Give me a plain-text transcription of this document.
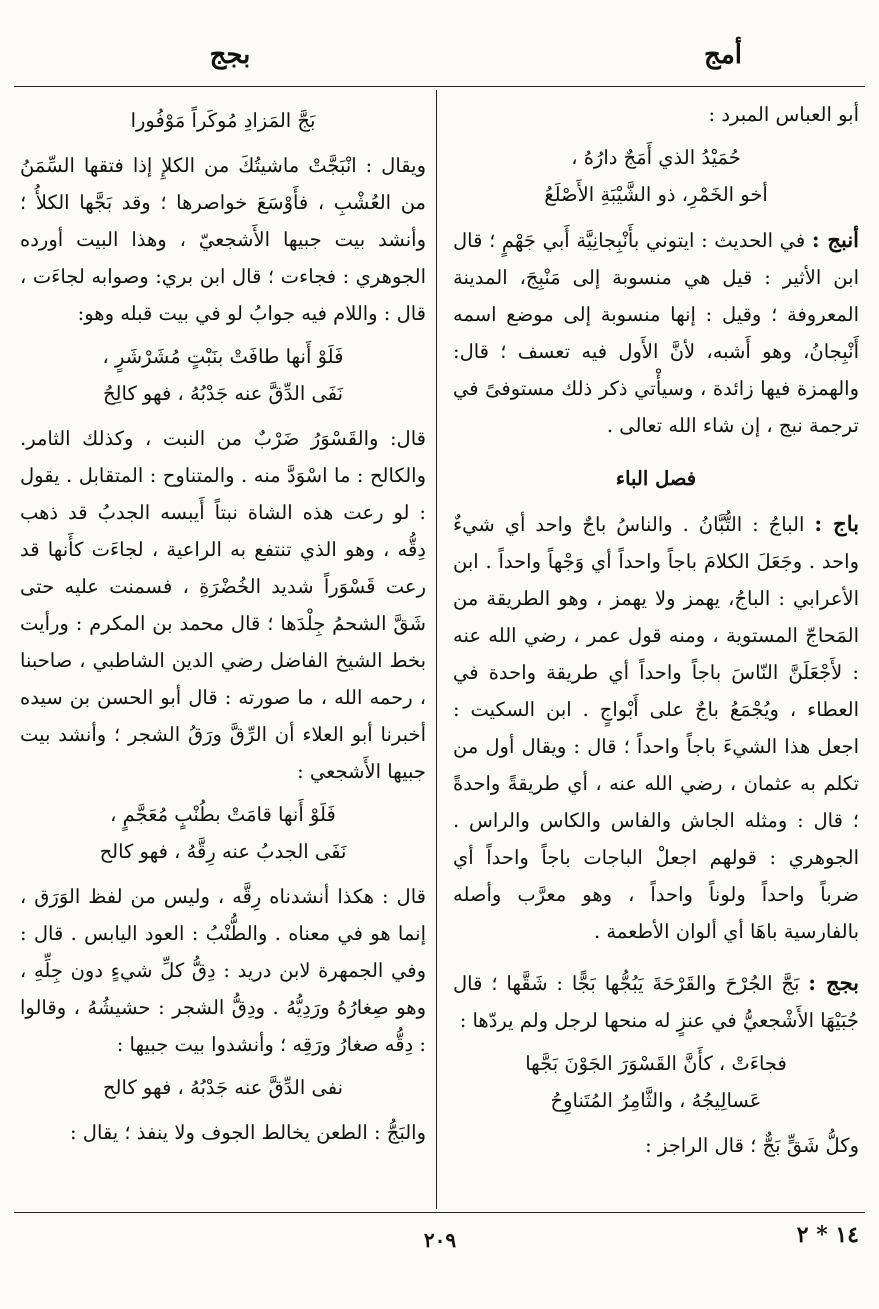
أمج
بجج

أبو العباس المبرد :

حُمَيْدُ الذي أَمَجٌ دارُهُ ،
أخو الخَمْرِ، ذو الشَّيْبَةِ الأَصْلَعُ

أنبج : في الحديث : ايتوني بأَنْبِجانِيَّة أَبي جَهْمٍ ؛ قال ابن الأثير : قيل هي منسوبة إلى مَنْبِجَ، المدينة المعروفة ؛ وقيل : إنها منسوبة إلى موضع اسمه أَنْبِجانُ، وهو أَشبه، لأنَّ الأَول فيه تعسف ؛ قال: والهمزة فيها زائدة ، وسيأْتي ذكر ذلك مستوفىً في ترجمة نبج ، إن شاء الله تعالى .

فصل الباء

باج : الباجُ : التُّبَّانُ . والناسُ باجٌ واحد أي شيءٌ واحد . وجَعَلَ الكلامَ باجاً واحداً أي وَجْهاً واحداً . ابن الأعرابي : الباجُ، يهمز ولا يهمز ، وهو الطريقة من المَحاجّ المستوية ، ومنه قول عمر ، رضي الله عنه : لأَجْعَلَنَّ النّاسَ باجاً واحداً أي طريقة واحدة في العطاء ، ويُجْمَعُ باجٌ على أَبْواجٍ . ابن السكيت : اجعل هذا الشيءَ باجاً واحداً ؛ قال : ويقال أول من تكلم به عثمان ، رضي الله عنه ، أي طريقةً واحدةً ؛ قال : ومثله الجاش والفاس والكاس والراس . الجوهري : قولهم اجعلْ الباجات باجاً واحداً أي ضرباً واحداً ولوناً واحداً ، وهو معرَّب وأصله بالفارسية باهَا أي ألوان الأطعمة .

بجج : بَجَّ الجُرْحَ والقَرْحَةَ يَبُجُّها بَجًّا : شَقَّها ؛ قال جُبَيْهَا الأَشْجعيُّ في عنزٍ له منحها لرجل ولم يردّها :

فجاءَتْ ، كأَنَّ القَسْوَرَ الجَوْنَ بَجَّها
عَسالِيجُهُ ، والثَّامِرُ المُتَناوِحُ

وكلُّ شَقٍّ بَجٌّ ؛ قال الراجز :

بَجَّ المَزادِ مُوكَراً مَوْفُورا

ويقال : انْبَجَّتْ ماشيتُكَ من الكلإِ إذا فتقها السِّمَنُ من العُشْبِ ، فأَوْسَعَ خواصرها ؛ وقد بَجَّها الكلأُ ؛ وأنشد بيت جبيها الأَشجعيّ ، وهذا البيت أورده الجوهري : فجاءت ؛ قال ابن بري: وصوابه لجاءَت ، قال : واللام فيه جوابُ لو في بيت قبله وهو:

فَلَوْ أَنها طافَتْ بنَبْتٍ مُشَرْشَرٍ ،
نَفَى الدِّقَّ عنه جَدْبُهُ ، فهو كالِحُ

قال: والقَسْوَرُ ضَرْبٌ من النبت ، وكذلك الثامر. والكالح : ما اسْوَدَّ منه . والمتناوح : المتقابل . يقول : لو رعت هذه الشاة نبتاً أَيبسه الجدبُ قد ذهب دِقُّه ، وهو الذي تنتفع به الراعية ، لجاءَت كأَنها قد رعت قَسْوَراً شديد الخُضْرَةِ ، فسمنت عليه حتى شَقَّ الشحمُ جِلْدَها ؛ قال محمد بن المكرم : ورأيت بخط الشيخ الفاضل رضي الدين الشاطبي ، صاحبنا ، رحمه الله ، ما صورته : قال أبو الحسن بن سيده أخبرنا أبو العلاء أن الرِّقَّ ورَقُ الشجر ؛ وأنشد بيت جبيها الأَشجعي :

فَلَوْ أَنها قامَتْ بطُنْبٍ مُعَجَّمٍ ،
نَفَى الجدبُ عنه رِقَّهُ ، فهو كالح

قال : هكذا أنشدناه رِقَّه ، وليس من لفظ الوَرَق ، إنما هو في معناه . والطُّنْبُ : العود اليابس . قال : وفي الجمهرة لابن دريد : دِقُّ كلِّ شيءٍ دون جِلِّهِ ، وهو صِغارُهُ ورَدِيُّهُ . ودِقُّ الشجر : حشيشُهُ ، وقالوا : دِقُّه صغارُ ورَقِه ؛ وأنشدوا بيت جبيها :

نفى الدِّقَّ عنه جَدْبُهُ ، فهو كالح

والبَجُّ : الطعن يخالط الجوف ولا ينفذ ؛ يقال :

٢٠٩	١٤ * ٢
